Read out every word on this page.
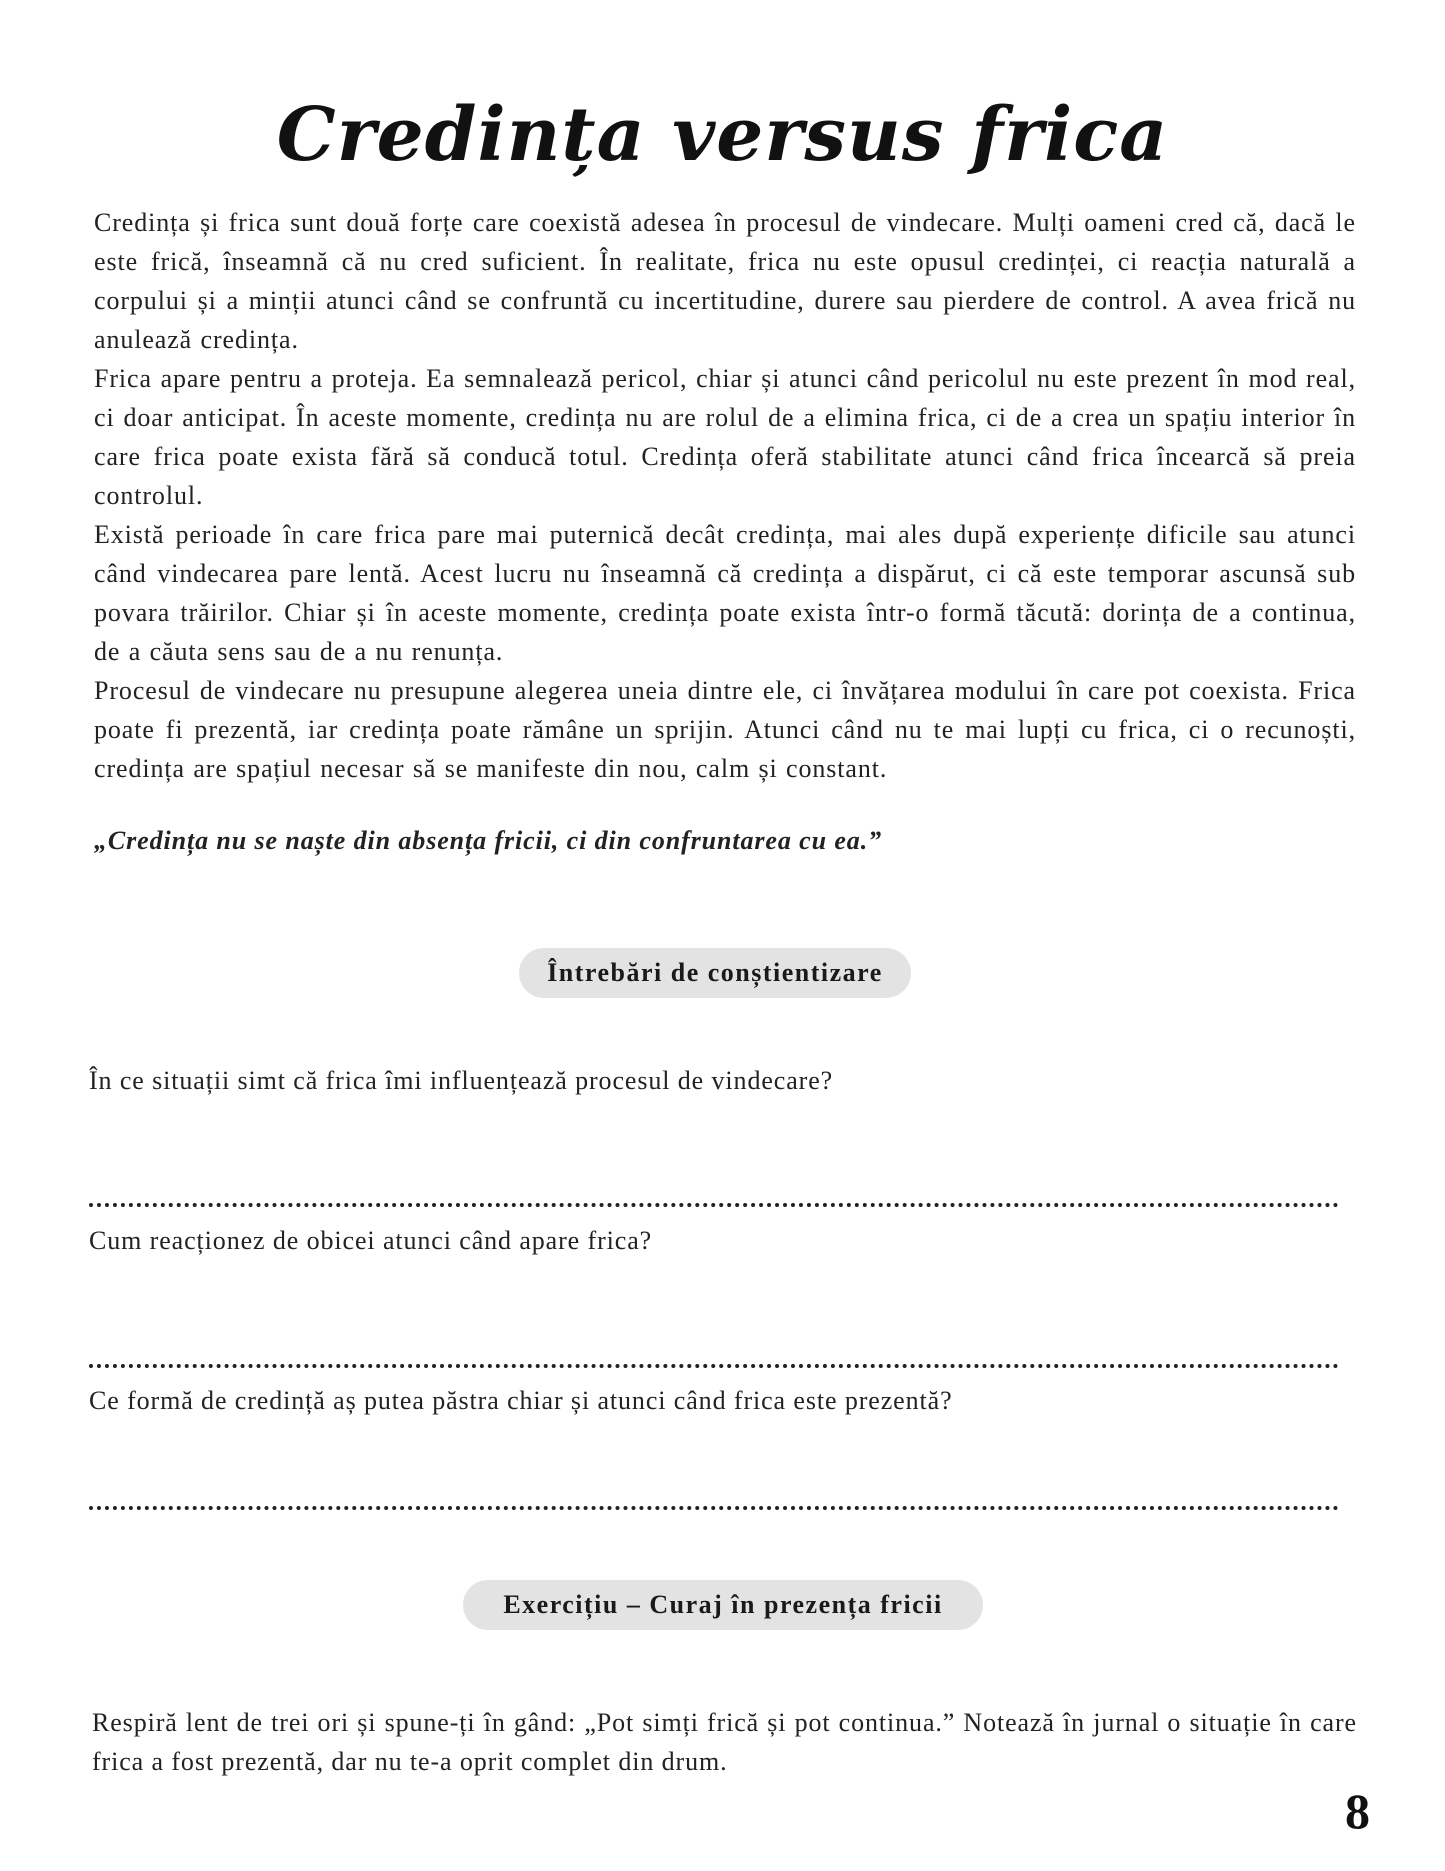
Credința versus frica

Credința și frica sunt două forțe care coexistă adesea în procesul de vindecare. Mulți oameni cred că, dacă le este frică, înseamnă că nu cred suficient. În realitate, frica nu este opusul credinței, ci reacția naturală a corpului și a minții atunci când se confruntă cu incertitudine, durere sau pierdere de control. A avea frică nu anulează credința.

Frica apare pentru a proteja. Ea semnalează pericol, chiar și atunci când pericolul nu este prezent în mod real, ci doar anticipat. În aceste momente, credința nu are rolul de a elimina frica, ci de a crea un spațiu interior în care frica poate exista fără să conducă totul. Credința oferă stabilitate atunci când frica încearcă să preia controlul.

Există perioade în care frica pare mai puternică decât credința, mai ales după experiențe dificile sau atunci când vindecarea pare lentă. Acest lucru nu înseamnă că credința a dispărut, ci că este temporar ascunsă sub povara trăirilor. Chiar și în aceste momente, credința poate exista într-o formă tăcută: dorința de a continua, de a căuta sens sau de a nu renunța.

Procesul de vindecare nu presupune alegerea uneia dintre ele, ci învățarea modului în care pot coexista. Frica poate fi prezentă, iar credința poate rămâne un sprijin. Atunci când nu te mai lupți cu frica, ci o recunoști, credința are spațiul necesar să se manifeste din nou, calm și constant.

„Credința nu se naște din absența fricii, ci din confruntarea cu ea.”

Întrebări de conștientizare

În ce situații simt că frica îmi influențează procesul de vindecare?

Cum reacționez de obicei atunci când apare frica?

Ce formă de credință aș putea păstra chiar și atunci când frica este prezentă?

Exercițiu – Curaj în prezența fricii

Respiră lent de trei ori și spune-ți în gând: „Pot simți frică și pot continua.” Notează în jurnal o situație în care frica a fost prezentă, dar nu te-a oprit complet din drum.

8
